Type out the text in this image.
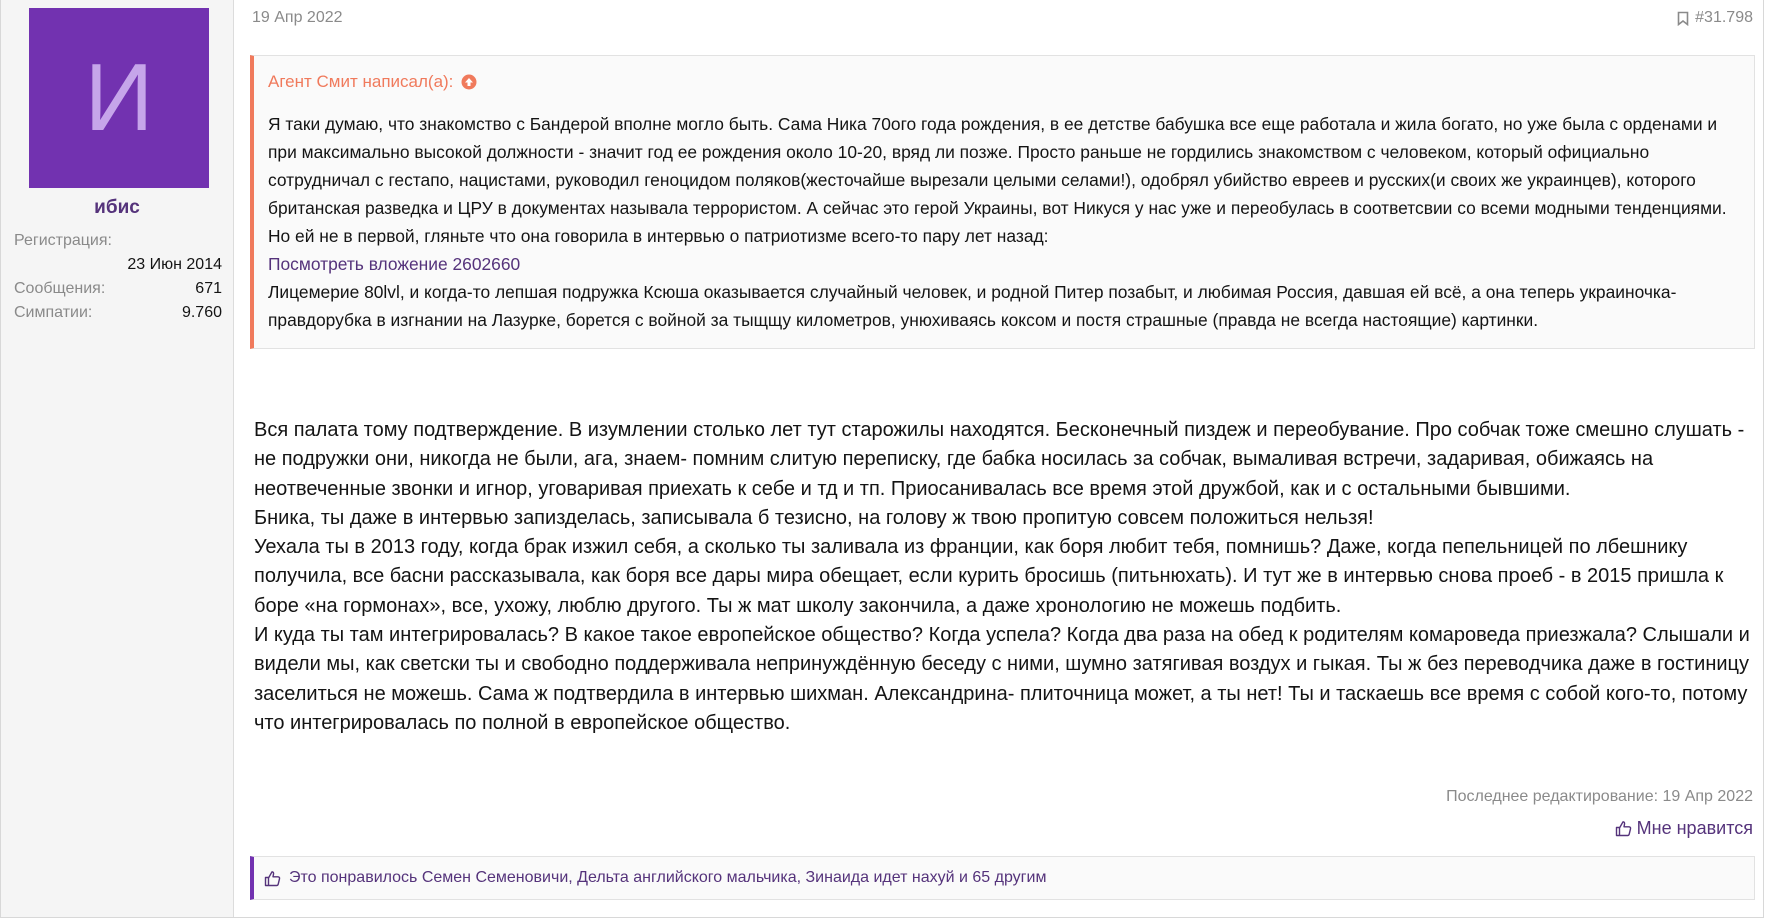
И
ибис
Регистрация:
23 Июн 2014
Сообщения:	671
Симпатии:	9.760
19 Апр 2022	#31.798
Агент Смит написал(а):

Я таки думаю, что знакомство с Бандерой вполне могло быть. Сама Ника 70ого года рождения, в ее детстве бабушка все еще работала и жила богато, но уже была с орденами и при максимально высокой должности - значит год ее рождения около 10-20, вряд ли позже. Просто раньше не гордились знакомством с человеком, который официально сотрудничал с гестапо, нацистами, руководил геноцидом поляков(жесточайше вырезали целыми селами!), одобрял убийство евреев и русских(и своих же украинцев), которого британская разведка и ЦРУ в документах называла террористом. А сейчас это герой Украины, вот Никуся у нас уже и переобулась в соответсвии со всеми модными тенденциями.

Но ей не в первой, гляньте что она говорила в интервью о патриотизме всего-то пару лет назад:

Посмотреть вложение 2602660

Лицемерие 80lvl, и когда-то лепшая подружка Ксюша оказывается случайный человек, и родной Питер позабыт, и любимая Россия, давшая ей всё, а она теперь украиночка-правдорубка в изгнании на Лазурке, борется с войной за тыщщу километров, унюхиваясь коксом и постя страшные (правда не всегда настоящие) картинки.

Вся палата тому подтверждение. В изумлении столько лет тут старожилы находятся. Бесконечный пиздеж и переобувание. Про собчак тоже смешно слушать - не подружки они, никогда не были, ага, знаем- помним слитую переписку, где бабка носилась за собчак, вымаливая встречи, задаривая, обижаясь на неотвеченные звонки и игнор, уговаривая приехать к себе и тд и тп. Приосанивалась все время этой дружбой, как и с остальными бывшими.

Бника, ты даже в интервью запизделась, записывала б тезисно, на голову ж твою пропитую совсем положиться нельзя!

Уехала ты в 2013 году, когда брак изжил себя, а сколько ты заливала из франции, как боря любит тебя, помнишь? Даже, когда пепельницей по лбешнику получила, все басни рассказывала, как боря все дары мира обещает, если курить бросишь (питьнюхать). И тут же в интервью снова проеб - в 2015 пришла к боре «на гормонах», все, ухожу, люблю другого. Ты ж мат школу закончила, а даже хронологию не можешь подбить.

И куда ты там интегрировалась? В какое такое европейское общество? Когда успела? Когда два раза на обед к родителям комароведа приезжала? Слышали и видели мы, как светски ты и свободно поддерживала непринуждённую беседу с ними, шумно затягивая воздух и гыкая. Ты ж без переводчика даже в гостиницу заселиться не можешь. Сама ж подтвердила в интервью шихман. Александрина- плиточница может, а ты нет! Ты и таскаешь все время с собой кого-то, потому что интегрировалась по полной в европейское общество.

Последнее редактирование: 19 Апр 2022
Мне нравится
Это понравилось Семен Семеновичи, Дельта английского мальчика, Зинаида идет нахуй и 65 другим
